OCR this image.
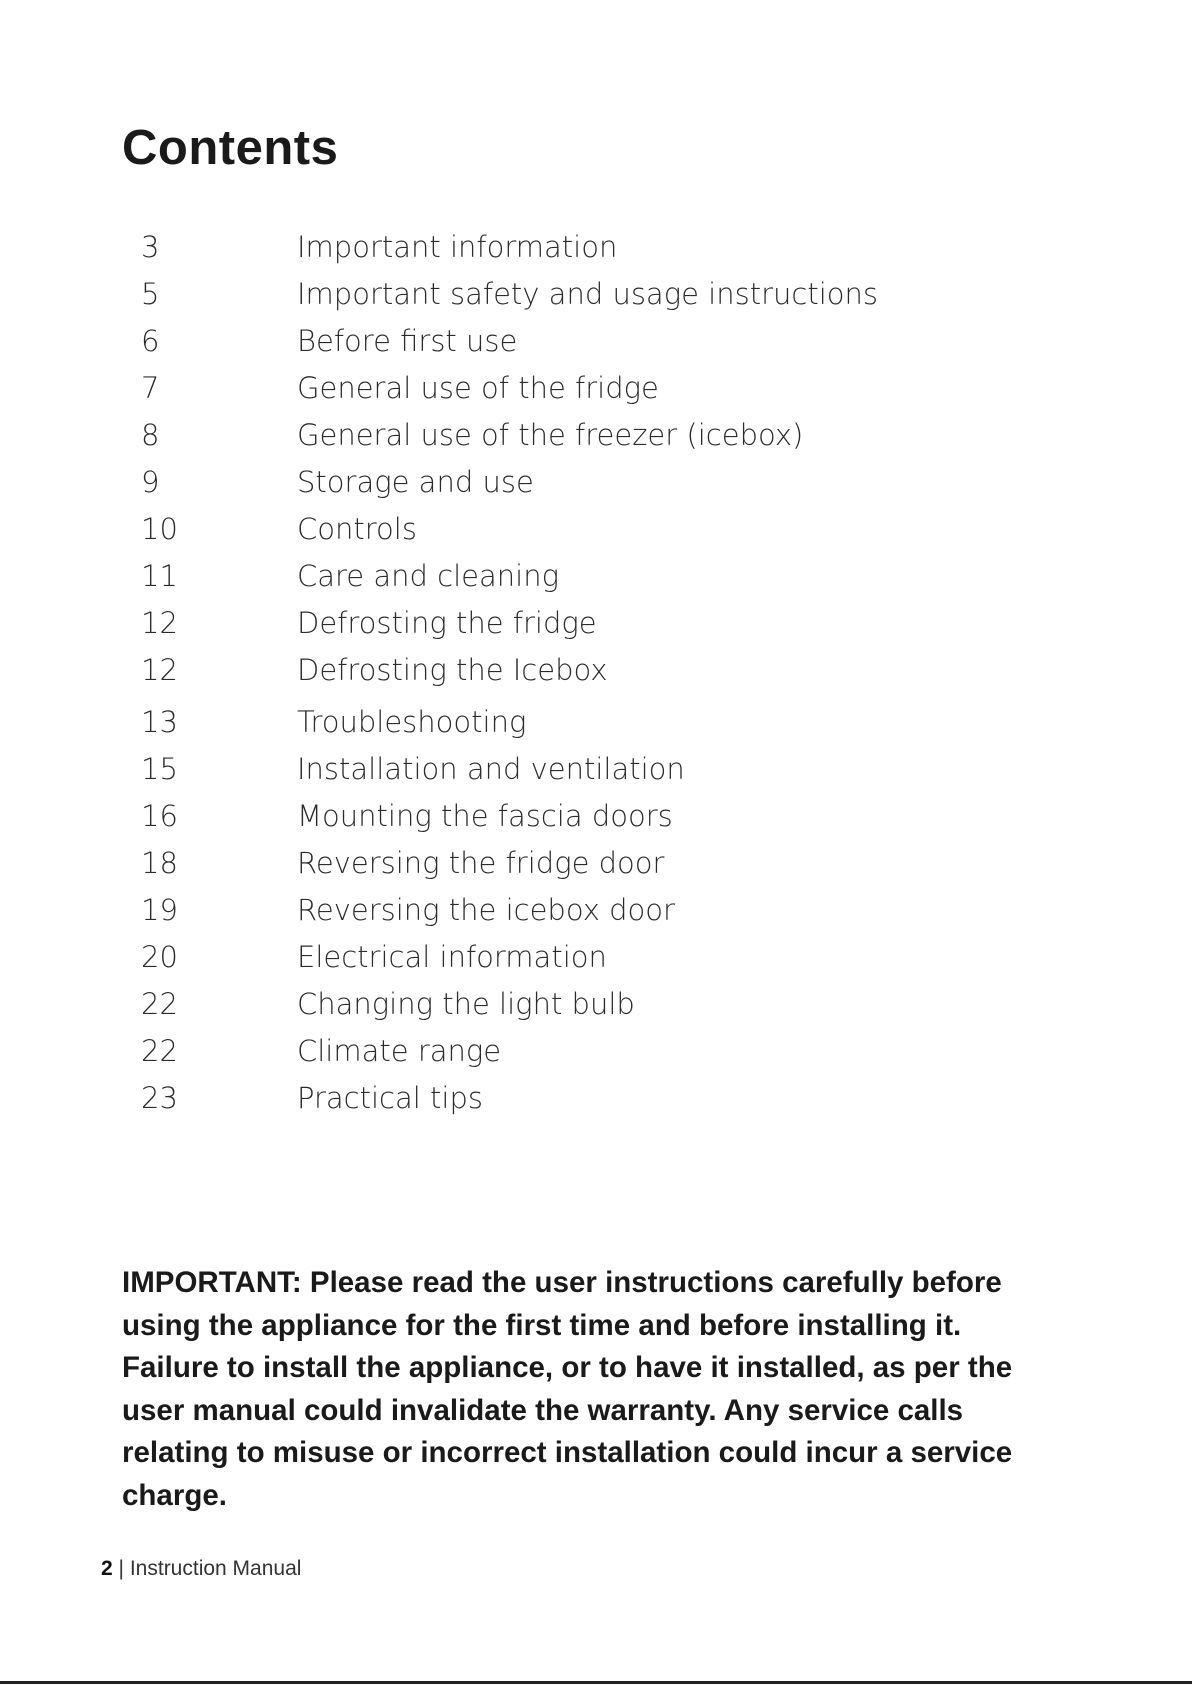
Contents
3	Important information
5	Important safety and usage instructions
6	Before first use
7	General use of the fridge
8	General use of the freezer (icebox)
9	Storage and use
10	Controls
11	Care and cleaning
12	Defrosting the fridge
12	Defrosting the Icebox
13	Troubleshooting
15	Installation and ventilation
16	Mounting the fascia doors
18	Reversing the fridge door
19	Reversing the icebox door
20	Electrical information
22	Changing the light bulb
22	Climate range
23	Practical tips
IMPORTANT: Please read the user instructions carefully before using the appliance for the first time and before installing it. Failure to install the appliance, or to have it installed, as per the user manual could invalidate the warranty. Any service calls relating to misuse or incorrect installation could incur a service charge.
2 | Instruction Manual
